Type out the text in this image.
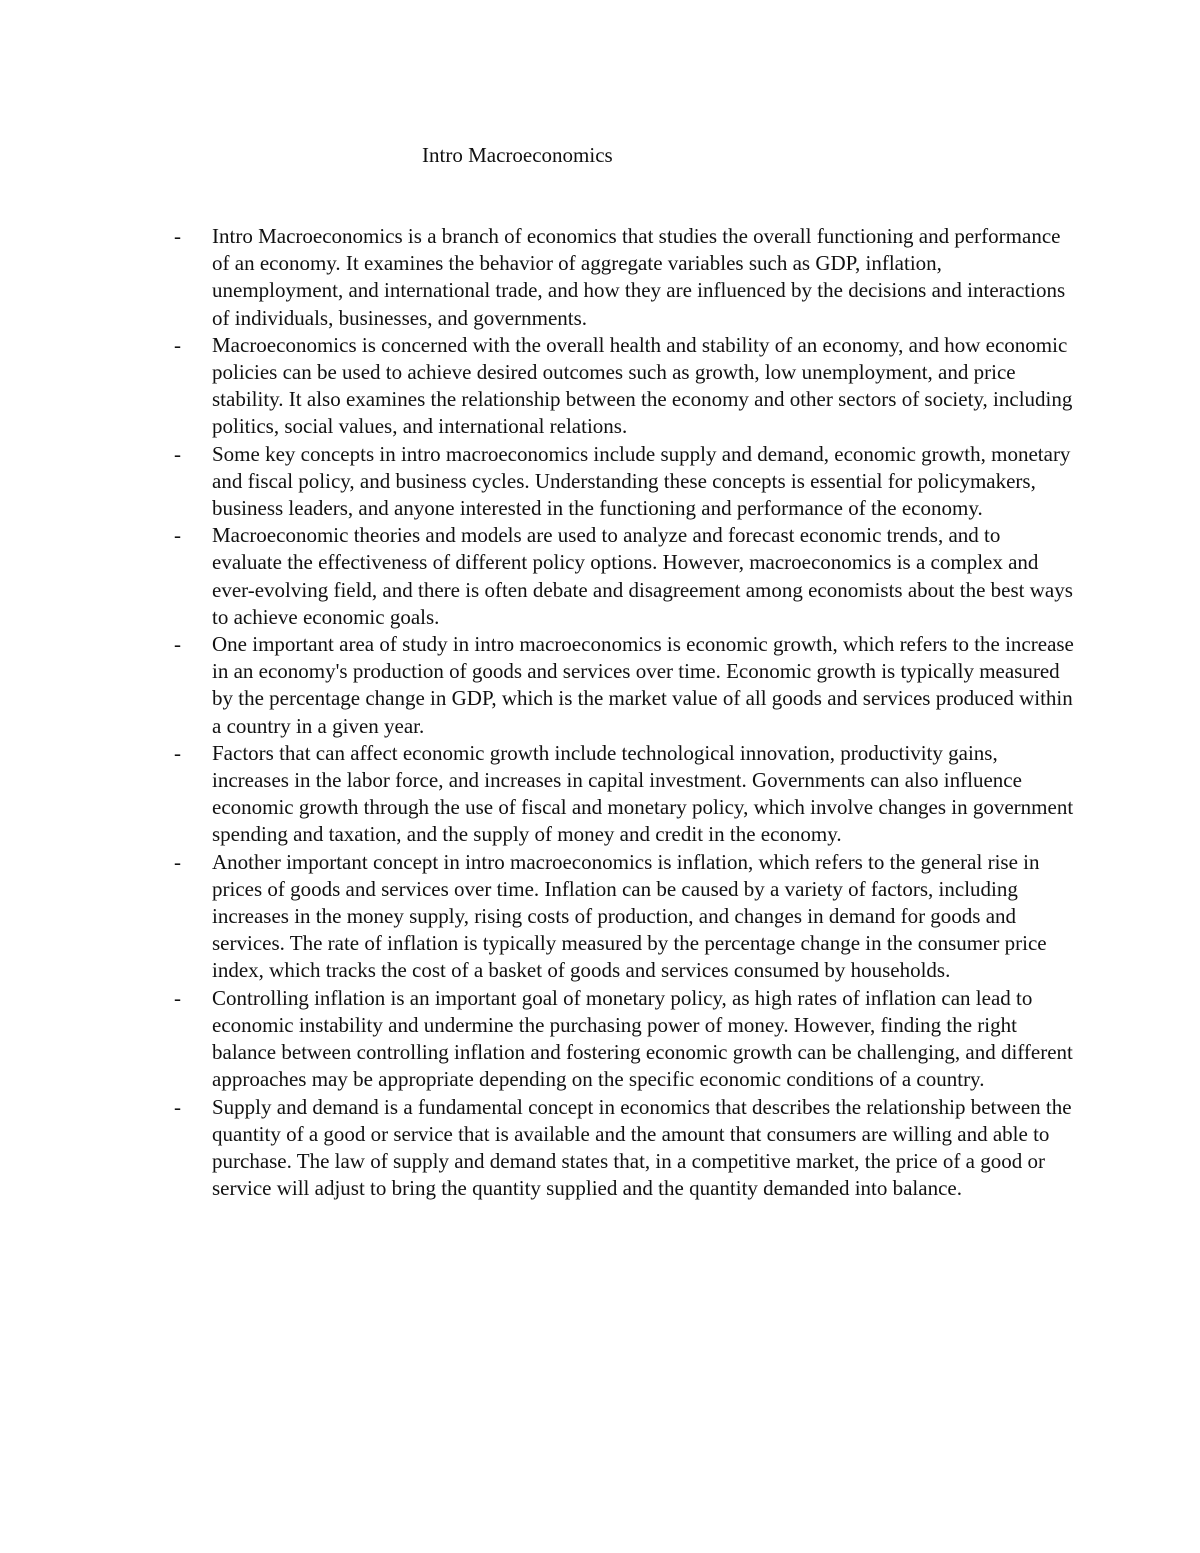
Intro Macroeconomics
-	Intro Macroeconomics is a branch of economics that studies the overall functioning and performance of an economy. It examines the behavior of aggregate variables such as GDP, inflation, unemployment, and international trade, and how they are influenced by the decisions and interactions of individuals, businesses, and governments.
-	Macroeconomics is concerned with the overall health and stability of an economy, and how economic policies can be used to achieve desired outcomes such as growth, low unemployment, and price stability. It also examines the relationship between the economy and other sectors of society, including politics, social values, and international relations.
-	Some key concepts in intro macroeconomics include supply and demand, economic growth, monetary and fiscal policy, and business cycles. Understanding these concepts is essential for policymakers, business leaders, and anyone interested in the functioning and performance of the economy.
-	Macroeconomic theories and models are used to analyze and forecast economic trends, and to evaluate the effectiveness of different policy options. However, macroeconomics is a complex and ever-evolving field, and there is often debate and disagreement among economists about the best ways to achieve economic goals.
-	One important area of study in intro macroeconomics is economic growth, which refers to the increase in an economy's production of goods and services over time. Economic growth is typically measured by the percentage change in GDP, which is the market value of all goods and services produced within a country in a given year.
-	Factors that can affect economic growth include technological innovation, productivity gains, increases in the labor force, and increases in capital investment. Governments can also influence economic growth through the use of fiscal and monetary policy, which involve changes in government spending and taxation, and the supply of money and credit in the economy.
-	Another important concept in intro macroeconomics is inflation, which refers to the general rise in prices of goods and services over time. Inflation can be caused by a variety of factors, including increases in the money supply, rising costs of production, and changes in demand for goods and services. The rate of inflation is typically measured by the percentage change in the consumer price index, which tracks the cost of a basket of goods and services consumed by households.
-	Controlling inflation is an important goal of monetary policy, as high rates of inflation can lead to economic instability and undermine the purchasing power of money. However, finding the right balance between controlling inflation and fostering economic growth can be challenging, and different approaches may be appropriate depending on the specific economic conditions of a country.
-	Supply and demand is a fundamental concept in economics that describes the relationship between the quantity of a good or service that is available and the amount that consumers are willing and able to purchase. The law of supply and demand states that, in a competitive market, the price of a good or service will adjust to bring the quantity supplied and the quantity demanded into balance.
